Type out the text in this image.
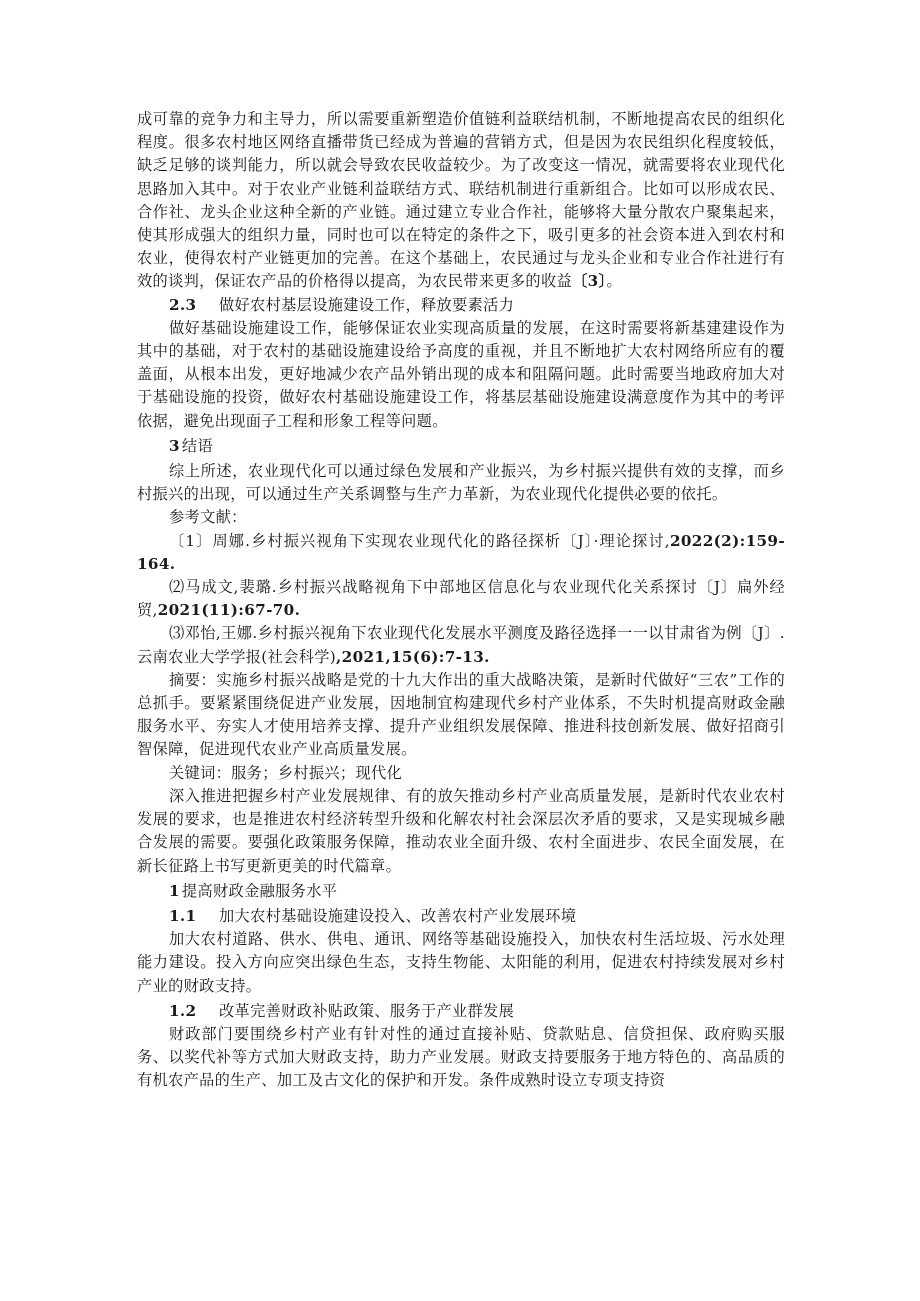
成可靠的竞争力和主导力，所以需要重新塑造价值链利益联结机制，不断地提高农民的组织化程度。很多农村地区网络直播带货已经成为普遍的营销方式，但是因为农民组织化程度较低，缺乏足够的谈判能力，所以就会导致农民收益较少。为了改变这一情况，就需要将农业现代化思路加入其中。对于农业产业链利益联结方式、联结机制进行重新组合。比如可以形成农民、合作社、龙头企业这种全新的产业链。通过建立专业合作社，能够将大量分散农户聚集起来，使其形成强大的组织力量，同时也可以在特定的条件之下，吸引更多的社会资本进入到农村和农业，使得农村产业链更加的完善。在这个基础上，农民通过与龙头企业和专业合作社进行有效的谈判，保证农产品的价格得以提高，为农民带来更多的收益〔3〕。

2.3 做好农村基层设施建设工作，释放要素活力

做好基础设施建设工作，能够保证农业实现高质量的发展，在这时需要将新基建建设作为其中的基础，对于农村的基础设施建设给予高度的重视，并且不断地扩大农村网络所应有的覆盖面，从根本出发，更好地减少农产品外销出现的成本和阻隔问题。此时需要当地政府加大对于基础设施的投资，做好农村基础设施建设工作，将基层基础设施建设满意度作为其中的考评依据，避免出现面子工程和形象工程等问题。

3 结语

综上所述，农业现代化可以通过绿色发展和产业振兴，为乡村振兴提供有效的支撑，而乡村振兴的出现，可以通过生产关系调整与生产力革新，为农业现代化提供必要的依托。

参考文献：

〔1〕周娜.乡村振兴视角下实现农业现代化的路径探析〔J〕·理论探讨,2022(2):159-164.

⑵马成文,裴璐.乡村振兴战略视角下中部地区信息化与农业现代化关系探讨〔J〕扁外经贸,2021(11):67-70.

⑶邓怡,王娜.乡村振兴视角下农业现代化发展水平测度及路径选择一一以甘肃省为例〔J〕.云南农业大学学报(社会科学),2021,15(6):7-13.

摘要：实施乡村振兴战略是党的十九大作出的重大战略决策，是新时代做好“三农”工作的总抓手。要紧紧围绕促进产业发展，因地制宜构建现代乡村产业体系，不失时机提高财政金融服务水平、夯实人才使用培养支撑、提升产业组织发展保障、推进科技创新发展、做好招商引智保障，促进现代农业产业高质量发展。

关键词：服务；乡村振兴；现代化

深入推进把握乡村产业发展规律、有的放矢推动乡村产业高质量发展，是新时代农业农村发展的要求，也是推进农村经济转型升级和化解农村社会深层次矛盾的要求，又是实现城乡融合发展的需要。要强化政策服务保障，推动农业全面升级、农村全面进步、农民全面发展，在新长征路上书写更新更美的时代篇章。

1 提高财政金融服务水平
1.1 加大农村基础设施建设投入、改善农村产业发展环境

加大农村道路、供水、供电、通讯、网络等基础设施投入，加快农村生活垃圾、污水处理能力建设。投入方向应突出绿色生态，支持生物能、太阳能的利用，促进农村持续发展对乡村产业的财政支持。

1.2 改革完善财政补贴政策、服务于产业群发展

财政部门要围绕乡村产业有针对性的通过直接补贴、贷款贴息、信贷担保、政府购买服务、以奖代补等方式加大财政支持，助力产业发展。财政支持要服务于地方特色的、高品质的有机农产品的生产、加工及古文化的保护和开发。条件成熟时设立专项支持资
